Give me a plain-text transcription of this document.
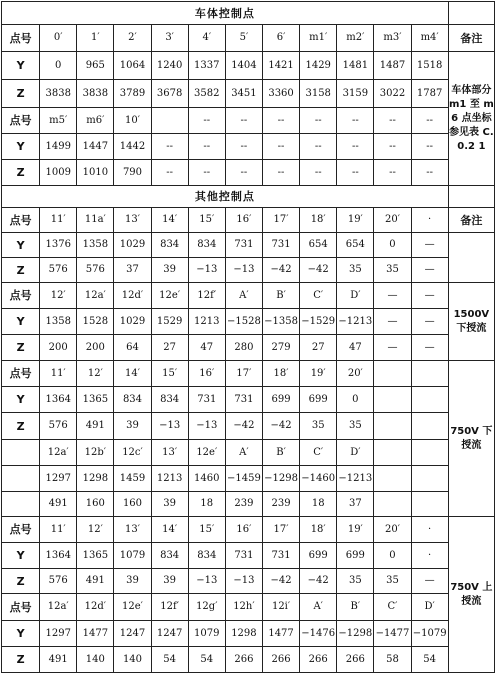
车体控制点												
点号	0′	1′	2′	3′	4′	5′	6′	m1′	m2′	m3′	m4′	备注
Y	0	965	1064	1240	1337	1404	1421	1429	1481	1487	1518	车体部分 m1 至 m6 点坐标参见表 C.0.2 1
Z	3838	3838	3789	3678	3582	3451	3360	3158	3159	3022	1787	
点号	m5′	m6′	10′		--	--	--	--	--	--	--	
Y	1499	1447	1442	--	--	--	--	--	--	--	--	
Z	1009	1010	790	--	--	--	--	--	--	--	--	
其他控制点												
点号	11′	11a′	13′	14′	15′	16′	17′	18′	19′	20′	·	备注
Y	1376	1358	1029	834	834	731	731	654	654	0	—	
Z	576	576	37	39	−13	−13	−42	−42	35	35	—	
点号	12′	12a′	12d′	12e′	12f′	A′	B′	C′	D′	—	—	1500V 下授流
Y	1358	1528	1029	1529	1213	−1528	−1358	−1529	−1213	—	—	
Z	200	200	64	27	47	280	279	27	47	—	—	
点号	11′	12′	14′	15′	16′	17′	18′	19′	20′			750V 下授流
Y	1364	1365	834	834	731	731	699	699	0			
Z	576	491	39	−13	−13	−42	−42	35	35			
	12a′	12b′	12c′	13′	12e′	A′	B′	C′	D′			
	1297	1298	1459	1213	1460	−1459	−1298	−1460	−1213			
	491	160	160	39	18	239	239	18	37			
点号	11′	12′	13′	14′	15′	16′	17′	18′	19′	20′	·	750V 上授流
Y	1364	1365	1079	834	834	731	731	699	699	0	·	
Z	576	491	39	39	−13	−13	−42	−42	35	35	—	
点号	12a′	12d′	12e′	12f′	12g′	12h′	12i′	A′	B′	C′	D′	
Y	1297	1477	1247	1247	1079	1298	1477	−1476	−1298	−1477	−1079	
Z	491	140	140	54	54	266	266	266	266	58	54	
